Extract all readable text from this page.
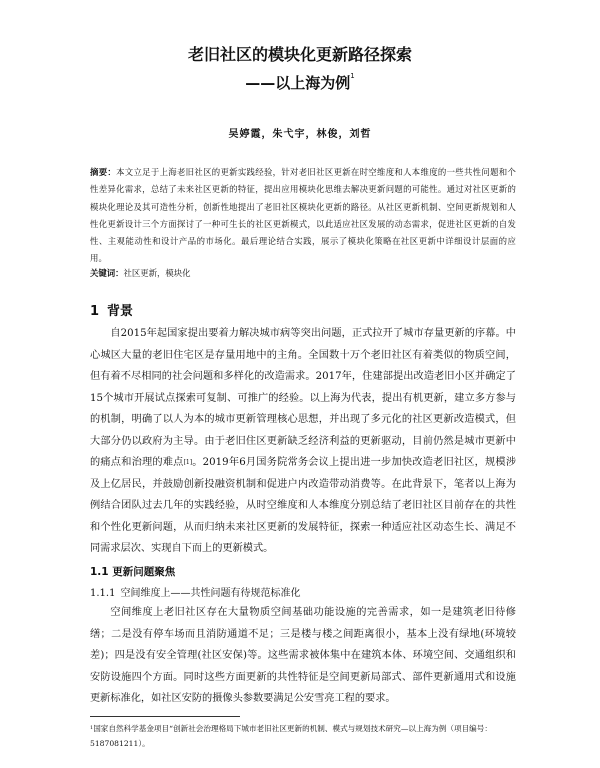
老旧社区的模块化更新路径探索
——以上海为例$^1$
吴婷霞，朱弋宇，林俊，刘哲
摘要：本文立足于上海老旧社区的更新实践经验，针对老旧社区更新在时空维度和人本维度的一些共性问题和个性差异化需求，总结了未来社区更新的特征，提出应用模块化思维去解决更新问题的可能性。通过对社区更新的模块化理论及其可造性分析，创新性地提出了老旧社区模块化更新的路径。从社区更新机制、空间更新规划和人性化更新设计三个方面探讨了一种可生长的社区更新模式，以此适应社区发展的动态需求，促进社区更新的自发性、主观能动性和设计产品的市场化。最后理论结合实践，展示了模块化策略在社区更新中详细设计层面的应用。
关键词：社区更新，模块化
1 背景

自2015年起国家提出要着力解决城市病等突出问题，正式拉开了城市存量更新的序幕。中心城区大量的老旧住宅区是存量用地中的主角。全国数十万个老旧社区有着类似的物质空间，但有着不尽相同的社会问题和多样化的改造需求。2017年，住建部提出改造老旧小区并确定了15个城市开展试点探索可复制、可推广的经验。以上海为代表，提出有机更新，建立多方参与的机制，明确了以人为本的城市更新管理核心思想，并出现了多元化的社区更新改造模式，但大部分仍以政府为主导。由于老旧住区更新缺乏经济利益的更新驱动，目前仍然是城市更新中的痛点和治理的难点[1]。2019年6月国务院常务会议上提出进一步加快改造老旧社区，规模涉及上亿居民，并鼓励创新投融资机制和促进户内改造带动消费等。在此背景下，笔者以上海为例结合团队过去几年的实践经验，从时空维度和人本维度分别总结了老旧社区目前存在的共性和个性化更新问题，从而归纳未来社区更新的发展特征，探索一种适应社区动态生长、满足不同需求层次、实现自下而上的更新模式。

1.1 更新问题聚焦
1.1.1 空间维度上——共性问题有待规范标准化

空间维度上老旧社区存在大量物质空间基础功能设施的完善需求，如一是建筑老旧待修缮；二是没有停车场而且消防通道不足；三是楼与楼之间距离很小，基本上没有绿地(环境较差)；四是没有安全管理(社区安保)等。这些需求被体集中在建筑本体、环境空间、交通组织和安防设施四个方面。同时这些方面更新的共性特征是空间更新局部式、部件更新通用式和设施更新标准化，如社区安防的摄像头参数要满足公安雪亮工程的要求。

$^1$国家自然科学基金项目“创新社会治理格局下城市老旧社区更新的机制、模式与规划技术研究—以上海为例（项目编号：5187081211）。
